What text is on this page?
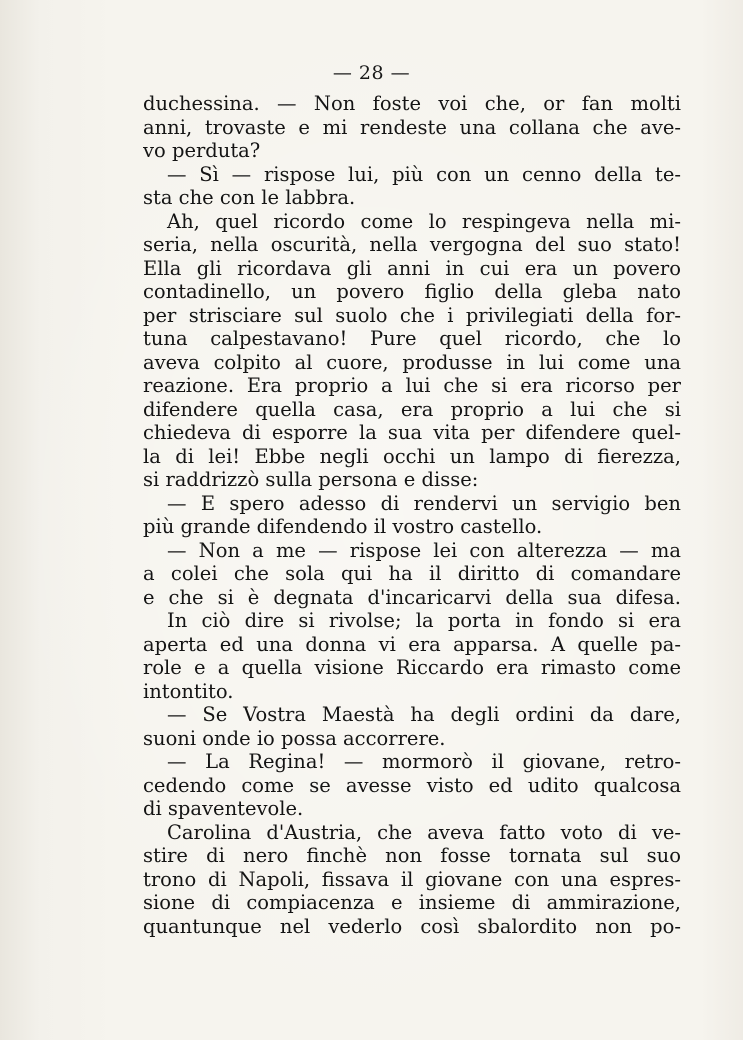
— 28 —
duchessina. — Non foste voi che, or fan molti
anni, trovaste e mi rendeste una collana che ave-
vo perduta?
— Sì — rispose lui, più con un cenno della te-
sta che con le labbra.
Ah, quel ricordo come lo respingeva nella mi-
seria, nella oscurità, nella vergogna del suo stato!
Ella gli ricordava gli anni in cui era un povero
contadinello, un povero figlio della gleba nato
per strisciare sul suolo che i privilegiati della for-
tuna calpestavano! Pure quel ricordo, che lo
aveva colpito al cuore, produsse in lui come una
reazione. Era proprio a lui che si era ricorso per
difendere quella casa, era proprio a lui che si
chiedeva di esporre la sua vita per difendere quel-
la di lei! Ebbe negli occhi un lampo di fierezza,
si raddrizzò sulla persona e disse:
— E spero adesso di rendervi un servigio ben
più grande difendendo il vostro castello.
— Non a me — rispose lei con alterezza — ma
a colei che sola qui ha il diritto di comandare
e che si è degnata d'incaricarvi della sua difesa.
In ciò dire si rivolse; la porta in fondo si era
aperta ed una donna vi era apparsa. A quelle pa-
role e a quella visione Riccardo era rimasto come
intontito.
— Se Vostra Maestà ha degli ordini da dare,
suoni onde io possa accorrere.
— La Regina! — mormorò il giovane, retro-
cedendo come se avesse visto ed udito qualcosa
di spaventevole.
Carolina d'Austria, che aveva fatto voto di ve-
stire di nero finchè non fosse tornata sul suo
trono di Napoli, fissava il giovane con una espres-
sione di compiacenza e insieme di ammirazione,
quantunque nel vederlo così sbalordito non po-
